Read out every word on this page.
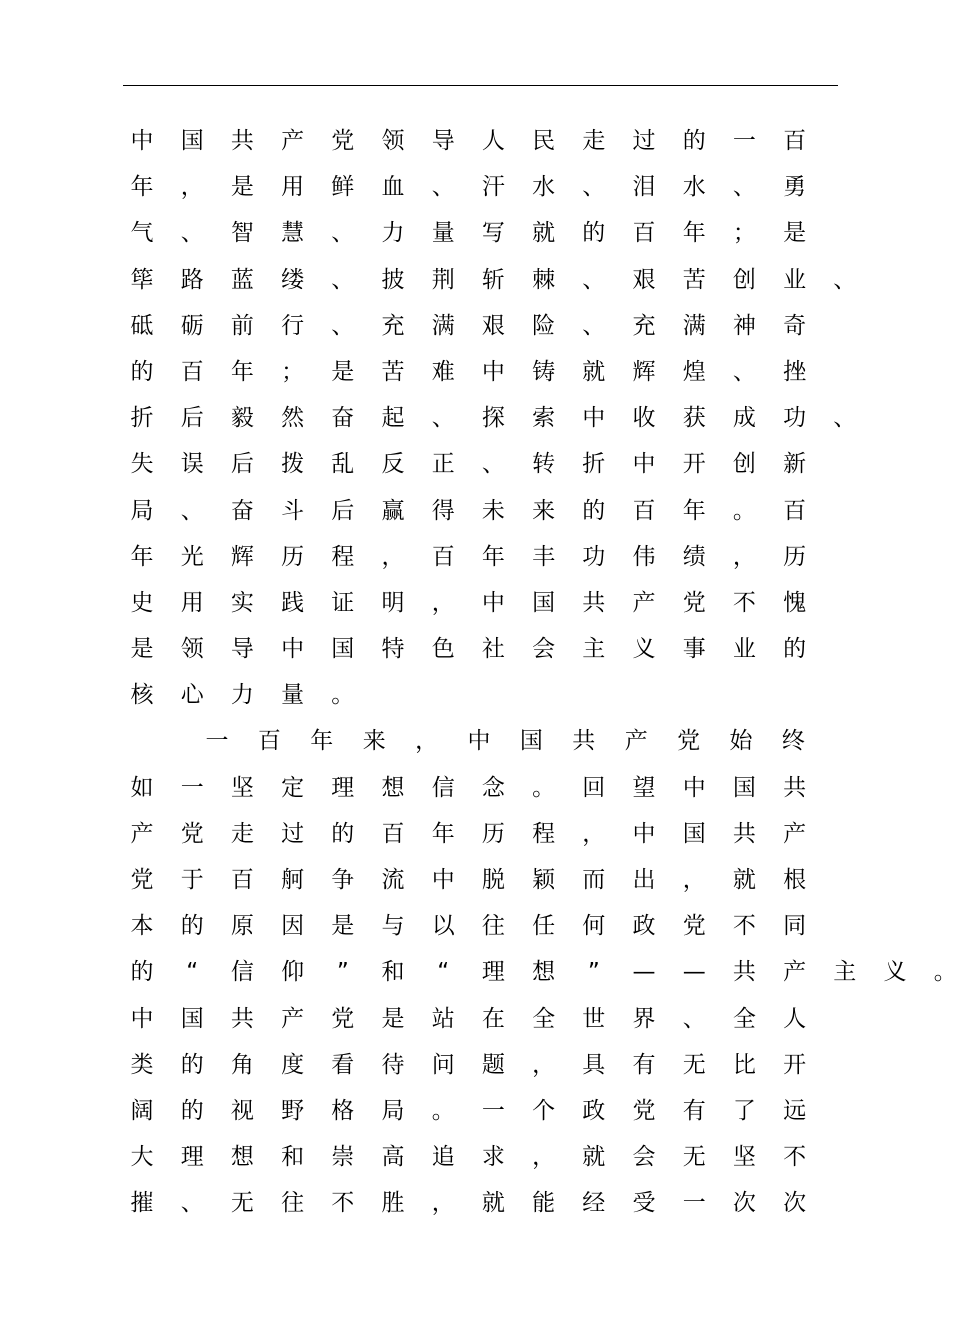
中 国 共 产 党 领 导 人 民 走 过 的 一 百
年 ， 是 用 鲜 血 、 汗 水 、 泪 水 、 勇
气 、 智 慧 、 力 量 写 就 的 百 年 ； 是
筚 路 蓝 缕 、 披 荆 斩 棘 、 艰 苦 创 业 、
砥 砺 前 行 、 充 满 艰 险 、 充 满 神 奇
的 百 年 ； 是 苦 难 中 铸 就 辉 煌 、 挫
折 后 毅 然 奋 起 、 探 索 中 收 获 成 功 、
失 误 后 拨 乱 反 正 、 转 折 中 开 创 新
局 、 奋 斗 后 赢 得 未 来 的 百 年 。 百
年 光 辉 历 程 ， 百 年 丰 功 伟 绩 ， 历
史 用 实 践 证 明 ， 中 国 共 产 党 不 愧
是 领 导 中 国 特 色 社 会 主 义 事 业 的
核 心 力 量 。
一 百 年 来 ， 中 国 共 产 党 始 终
如 一 坚 定 理 想 信 念 。 回 望 中 国 共
产 党 走 过 的 百 年 历 程 ， 中 国 共 产
党 于 百 舸 争 流 中 脱 颖 而 出 ， 就 根
本 的 原 因 是 与 以 往 任 何 政 党 不 同
的	“	信 仰	”	和	“	理 想	”	— — 共 产 主 义 。
中 国 共 产 党 是 站 在 全 世 界 、 全 人
类 的 角 度 看 待 问 题 ， 具 有 无 比 开
阔 的 视 野 格 局 。 一 个 政 党 有 了 远
大 理 想 和 崇 高 追 求 ， 就 会 无 坚 不
摧 、 无 往 不 胜 ， 就 能 经 受 一 次 次
